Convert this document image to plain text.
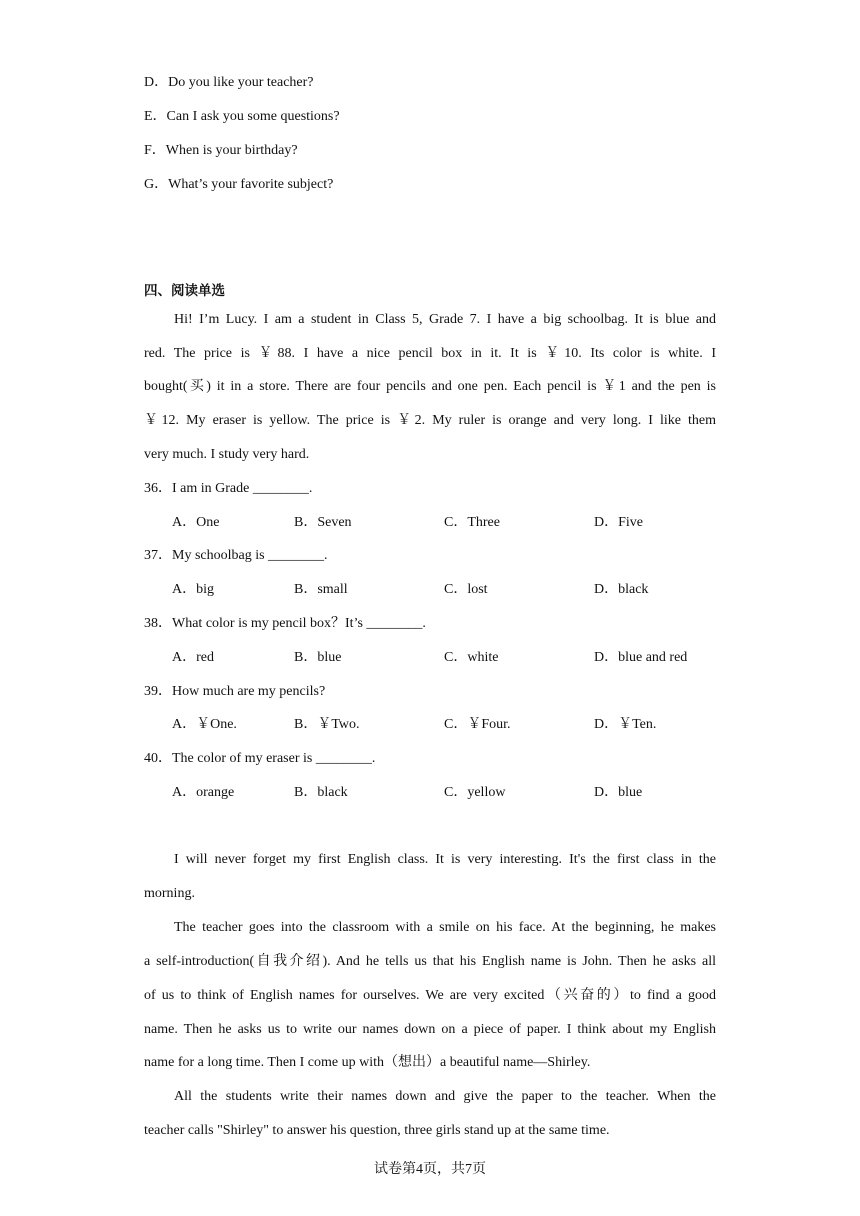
D．Do you like your teacher?
E．Can I ask you some questions?
F．When is your birthday?
G．What’s your favorite subject?
四、阅读单选
Hi! I’m Lucy. I am a student in Class 5, Grade 7. I have a big schoolbag. It is blue and
red. The price is ￥88. I have a nice pencil box in it. It is ￥10. Its color is white. I
bought(买) it in a store. There are four pencils and one pen. Each pencil is ￥1 and the pen is
￥12. My eraser is yellow. The price is ￥2. My ruler is orange and very long. I like them
very much. I study very hard.
36．I am in Grade ________.
A．One	B．Seven	C．Three	D．Five
37．My schoolbag is ________.
A．big	B．small	C．lost	D．black
38．What color is my pencil box？It’s ________.
A．red	B．blue	C．white	D．blue and red
39．How much are my pencils?
A．￥One.	B．￥Two.	C．￥Four.	D．￥Ten.
40．The color of my eraser is ________.
A．orange	B．black	C．yellow	D．blue
I will never forget my first English class. It is very interesting. It's the first class in the
morning.
The teacher goes into the classroom with a smile on his face. At the beginning, he makes
a self-introduction(自我介绍). And he tells us that his English name is John. Then he asks all
of us to think of English names for ourselves. We are very excited（兴奋的）to find a good
name. Then he asks us to write our names down on a piece of paper. I think about my English
name for a long time. Then I come up with（想出）a beautiful name—Shirley.
All the students write their names down and give the paper to the teacher. When the
teacher calls "Shirley" to answer his question, three girls stand up at the same time.
试卷第4页，共7页
